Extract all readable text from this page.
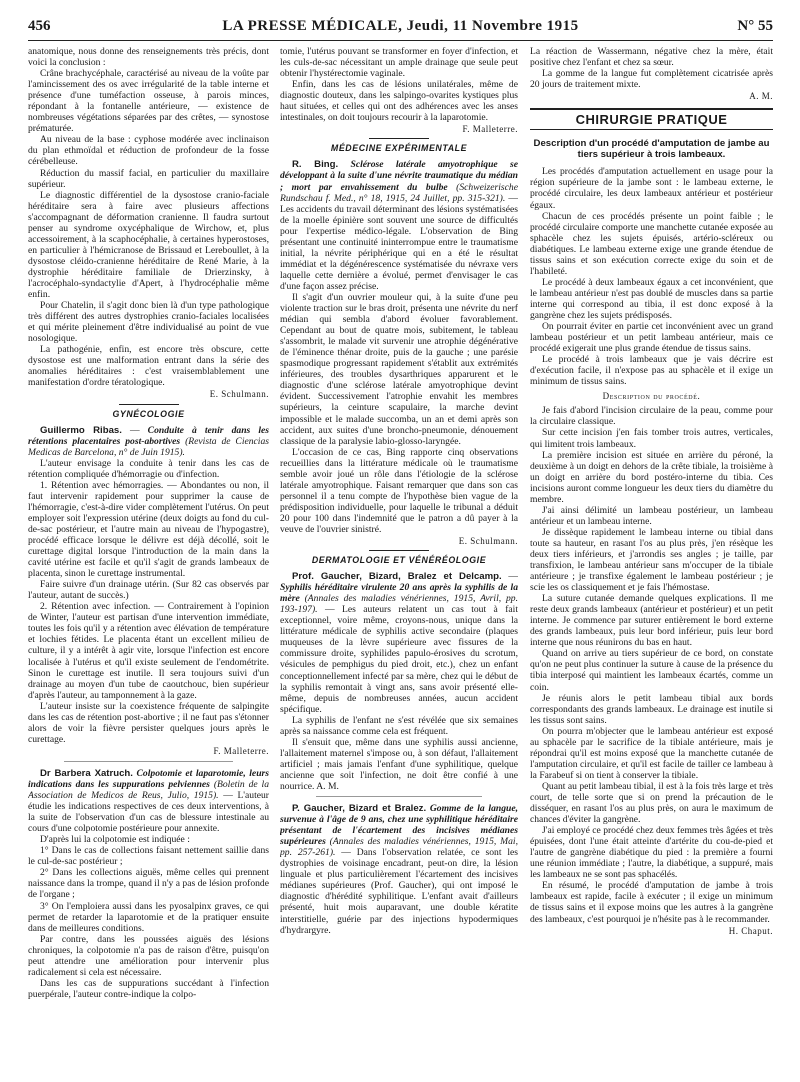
456	LA PRESSE MÉDICALE, Jeudi, 11 Novembre 1915	N° 55

anatomique, nous donne des renseignements très précis, dont voici la conclusion :

Crâne brachycéphale, caractérisé au niveau de la voûte par l'amincissement des os avec irrégularité de la table interne et présence d'une tuméfaction osseuse, à parois minces, répondant à la fontanelle antérieure, — existence de nombreuses végétations séparées par des crêtes, — synostose prématurée.

Au niveau de la base : cyphose modérée avec inclinaison du plan ethmoïdal et réduction de profondeur de la fosse cérébelleuse.

Réduction du massif facial, en particulier du maxillaire supérieur.

Le diagnostic différentiel de la dysostose cranio-faciale héréditaire sera à faire avec plusieurs affections s'accompagnant de déformation cranienne. Il faudra surtout penser au syndrome oxycéphalique de Wirchow, et, plus accessoirement, à la scaphocéphalie, à certaines hyperostoses, en particulier à l'hémicranose de Brissaud et Lereboullet, à la dysostose cléido-cranienne héréditaire de René Marie, à la dystrophie héréditaire familiale de Drierzinsky, à l'acrocéphalo-syndactylie d'Apert, à l'hydrocéphalie même enfin.

Pour Chatelin, il s'agit donc bien là d'un type pathologique très différent des autres dystrophies cranio-faciales localisées et qui mérite pleinement d'être individualisé au point de vue nosologique.

La pathogénie, enfin, est encore très obscure, cette dysostose est une malformation entrant dans la série des anomalies héréditaires : c'est vraisemblablement une manifestation d'ordre tératologique.

E. Schulmann.
GYNÉCOLOGIE

Guillermo Ribas. — Conduite à tenir dans les rétentions placentaires post-abortives (Revista de Ciencias Medicas de Barcelona, n° de Juin 1915).

L'auteur envisage la conduite à tenir dans les cas de rétention compliquée d'hémorragie ou d'infection.

1. Rétention avec hémorragies. — Abondantes ou non, il faut intervenir rapidement pour supprimer la cause de l'hémorragie, c'est-à-dire vider complètement l'utérus. On peut employer soit l'expression utérine (deux doigts au fond du cul-de-sac postérieur, et l'autre main au niveau de l'hypogastre), procédé efficace lorsque le délivre est déjà décollé, soit le curettage digital lorsque l'introduction de la main dans la cavité utérine est facile et qu'il s'agit de grands lambeaux de placenta, sinon le curettage instrumental.

Faire suivre d'un drainage utérin. (Sur 82 cas observés par l'auteur, autant de succès.)

2. Rétention avec infection. — Contrairement à l'opinion de Winter, l'auteur est partisan d'une intervention immédiate, toutes les fois qu'il y a rétention avec élévation de température et lochies fétides. Le placenta étant un excellent milieu de culture, il y a intérêt à agir vite, lorsque l'infection est encore localisée à l'utérus et qu'il existe seulement de l'endométrite. Sinon le curettage est inutile. Il sera toujours suivi d'un drainage au moyen d'un tube de caoutchouc, bien supérieur d'après l'auteur, au tamponnement à la gaze.

L'auteur insiste sur la coexistence fréquente de salpingite dans les cas de rétention post-abortive ; il ne faut pas s'étonner alors de voir la fièvre persister quelques jours après le curettage.

F. Malleterre.

Dr Barbera Xatruch. Colpotomie et laparotomie, leurs indications dans les suppurations pelviennes (Boletin de la Association de Medicos de Reus, Julio, 1915). — L'auteur étudie les indications respectives de ces deux interventions, à la suite de l'observation d'un cas de blessure intestinale au cours d'une colpotomie postérieure pour annexite.

D'après lui la colpotomie est indiquée :

1° Dans le cas de collections faisant nettement saillie dans le cul-de-sac postérieur ;

2° Dans les collections aiguës, même celles qui prennent naissance dans la trompe, quand il n'y a pas de lésion profonde de l'organe ;

3° On l'emploiera aussi dans les pyosalpinx graves, ce qui permet de retarder la laparotomie et de la pratiquer ensuite dans de meilleures conditions.

Par contre, dans les poussées aiguës des lésions chroniques, la colpotomie n'a pas de raison d'être, puisqu'on peut attendre une amélioration pour intervenir plus radicalement si cela est nécessaire.

Dans les cas de suppurations succédant à l'infection puerpérale, l'auteur contre-indique la colpo-

tomie, l'utérus pouvant se transformer en foyer d'infection, et les culs-de-sac nécessitant un ample drainage que seule peut obtenir l'hystérectomie vaginale.

Enfin, dans les cas de lésions unilatérales, même de diagnostic douteux, dans les salpingo-ovarites kystiques plus haut situées, et celles qui ont des adhérences avec les anses intestinales, on doit toujours recourir à la laparotomie.

F. Malleterre.
MÉDECINE EXPÉRIMENTALE

R. Bing. Sclérose latérale amyotrophique se développant à la suite d'une névrite traumatique du médian ; mort par envahissement du bulbe (Schweizerische Rundschau f. Med., n° 18, 1915, 24 Juillet, pp. 315-321). — Les accidents du travail déterminant des lésions systématisées de la moelle épinière sont souvent une source de difficultés pour l'expertise médico-légale. L'observation de Bing présentant une continuité ininterrompue entre le traumatisme initial, la névrite périphérique qui en a été le résultat immédiat et la dégénérescence systématisée du névraxe vers laquelle cette dernière a évolué, permet d'envisager le cas d'une façon assez précise.

Il s'agit d'un ouvrier mouleur qui, à la suite d'une peu violente traction sur le bras droit, présenta une névrite du nerf médian qui sembla d'abord évoluer favorablement. Cependant au bout de quatre mois, subitement, le tableau s'assombrit, le malade vit survenir une atrophie dégénérative de l'éminence thénar droite, puis de la gauche ; une parésie spasmodique progressant rapidement s'établit aux extrémités inférieures, des troubles dysarthriques apparurent et le diagnostic d'une sclérose latérale amyotrophique devint évident. Successivement l'atrophie envahit les membres supérieurs, la ceinture scapulaire, la marche devint impossible et le malade succomba, un an et demi après son accident, aux suites d'une broncho-pneumonie, dénouement classique de la paralysie labio-glosso-laryngée.

L'occasion de ce cas, Bing rapporte cinq observations recueillies dans la littérature médicale où le traumatisme semble avoir joué un rôle dans l'étiologie de la sclérose latérale amyotrophique. Faisant remarquer que dans son cas personnel il a tenu compte de l'hypothèse bien vague de la prédisposition individuelle, pour laquelle le tribunal a déduit 20 pour 100 dans l'indemnité que le patron a dû payer à la veuve de l'ouvrier sinistré.

E. Schulmann.
DERMATOLOGIE ET VÉNÉRÉOLOGIE

Prof. Gaucher, Bizard, Bralez et Delcamp. — Syphilis héréditaire virulente 20 ans après la syphilis de la mère (Annales des maladies vénériennes, 1915, Avril, pp. 193-197). — Les auteurs relatent un cas tout à fait exceptionnel, voire même, croyons-nous, unique dans la littérature médicale de syphilis active secondaire (plaques muqueuses de la lèvre supérieure avec fissures de la commissure droite, syphilides papulo-érosives du scrotum, vésicules de pemphigus du pied droit, etc.), chez un enfant conceptionnellement infecté par sa mère, chez qui le début de la syphilis remontait à vingt ans, sans avoir présenté elle-même, depuis de nombreuses années, aucun accident spécifique.

La syphilis de l'enfant ne s'est révélée que six semaines après sa naissance comme cela est fréquent.

Il s'ensuit que, même dans une syphilis aussi ancienne, l'allaitement maternel s'impose ou, à son défaut, l'allaitement artificiel ; mais jamais l'enfant d'une syphilitique, quelque ancienne que soit l'infection, ne doit être confié à une nourrice. A. M.

P. Gaucher, Bizard et Bralez. Gomme de la langue, survenue à l'âge de 9 ans, chez une syphilitique héréditaire présentant de l'écartement des incisives médianes supérieures (Annales des maladies vénériennes, 1915, Mai, pp. 257-261). — Dans l'observation relatée, ce sont les dystrophies de voisinage encadrant, peut-on dire, la lésion linguale et plus particulièrement l'écartement des incisives médianes supérieures (Prof. Gaucher), qui ont imposé le diagnostic d'hérédité syphilitique. L'enfant avait d'ailleurs présenté, huit mois auparavant, une double kératite interstitielle, guérie par des injections hypodermiques d'hydrargyre.

La réaction de Wassermann, négative chez la mère, était positive chez l'enfant et chez sa sœur.

La gomme de la langue fut complètement cicatrisée après 20 jours de traitement mixte.

A. M.
CHIRURGIE PRATIQUE
Description d'un procédé d'amputation de jambe au tiers supérieur à trois lambeaux.

Les procédés d'amputation actuellement en usage pour la région supérieure de la jambe sont : le lambeau externe, le procédé circulaire, les deux lambeaux antérieur et postérieur égaux.

Chacun de ces procédés présente un point faible ; le procédé circulaire comporte une manchette cutanée exposée au sphacèle chez les sujets épuisés, artério-scléreux ou diabétiques. Le lambeau externe exige une grande étendue de tissus sains et son exécution correcte exige du soin et de l'habileté.

Le procédé à deux lambeaux égaux a cet inconvénient, que le lambeau antérieur n'est pas doublé de muscles dans sa partie interne qui correspond au tibia, il est donc exposé à la gangrène chez les sujets prédisposés.

On pourrait éviter en partie cet inconvénient avec un grand lambeau postérieur et un petit lambeau antérieur, mais ce procédé exigerait une plus grande étendue de tissus sains.

Le procédé à trois lambeaux que je vais décrire est d'exécution facile, il n'expose pas au sphacèle et il exige un minimum de tissus sains.

Description du procédé.

Je fais d'abord l'incision circulaire de la peau, comme pour la circulaire classique.

Sur cette incision j'en fais tomber trois autres, verticales, qui limitent trois lambeaux.

La première incision est située en arrière du péroné, la deuxième à un doigt en dehors de la crête tibiale, la troisième à un doigt en arrière du bord postéro-interne du tibia. Ces incisions auront comme longueur les deux tiers du diamètre du membre.

J'ai ainsi délimité un lambeau postérieur, un lambeau antérieur et un lambeau interne.

Je dissèque rapidement le lambeau interne ou tibial dans toute sa hauteur, en rasant l'os au plus près, j'en résèque les deux tiers inférieurs, et j'arrondis ses angles ; je taille, par transfixion, le lambeau antérieur sans m'occuper de la tibiale antérieure ; je transfixe également le lambeau postérieur ; je scie les os classiquement et je fais l'hémostase.

La suture cutanée demande quelques explications. Il me reste deux grands lambeaux (antérieur et postérieur) et un petit interne. Je commence par suturer entièrement le bord externe des grands lambeaux, puis leur bord inférieur, puis leur bord interne que nous réunirons du bas en haut.

Quand on arrive au tiers supérieur de ce bord, on constate qu'on ne peut plus continuer la suture à cause de la présence du tibia interposé qui maintient les lambeaux écartés, comme un coin.

Je réunis alors le petit lambeau tibial aux bords correspondants des grands lambeaux. Le drainage est inutile si les tissus sont sains.

On pourra m'objecter que le lambeau antérieur est exposé au sphacèle par le sacrifice de la tibiale antérieure, mais je répondrai qu'il est moins exposé que la manchette cutanée de l'amputation circulaire, et qu'il est facile de tailler ce lambeau à la Farabeuf si on tient à conserver la tibiale.

Quant au petit lambeau tibial, il est à la fois très large et très court, de telle sorte que si on prend la précaution de le disséquer, en rasant l'os au plus près, on aura le maximum de chances d'éviter la gangrène.

J'ai employé ce procédé chez deux femmes très âgées et très épuisées, dont l'une était atteinte d'artérite du cou-de-pied et l'autre de gangrène diabétique du pied : la première a fourni une réunion immédiate ; l'autre, la diabétique, a suppuré, mais les lambeaux ne se sont pas sphacélés.

En résumé, le procédé d'amputation de jambe à trois lambeaux est rapide, facile à exécuter ; il exige un minimum de tissus sains et il expose moins que les autres à la gangrène des lambeaux, c'est pourquoi je n'hésite pas à le recommander.

H. Chaput.
